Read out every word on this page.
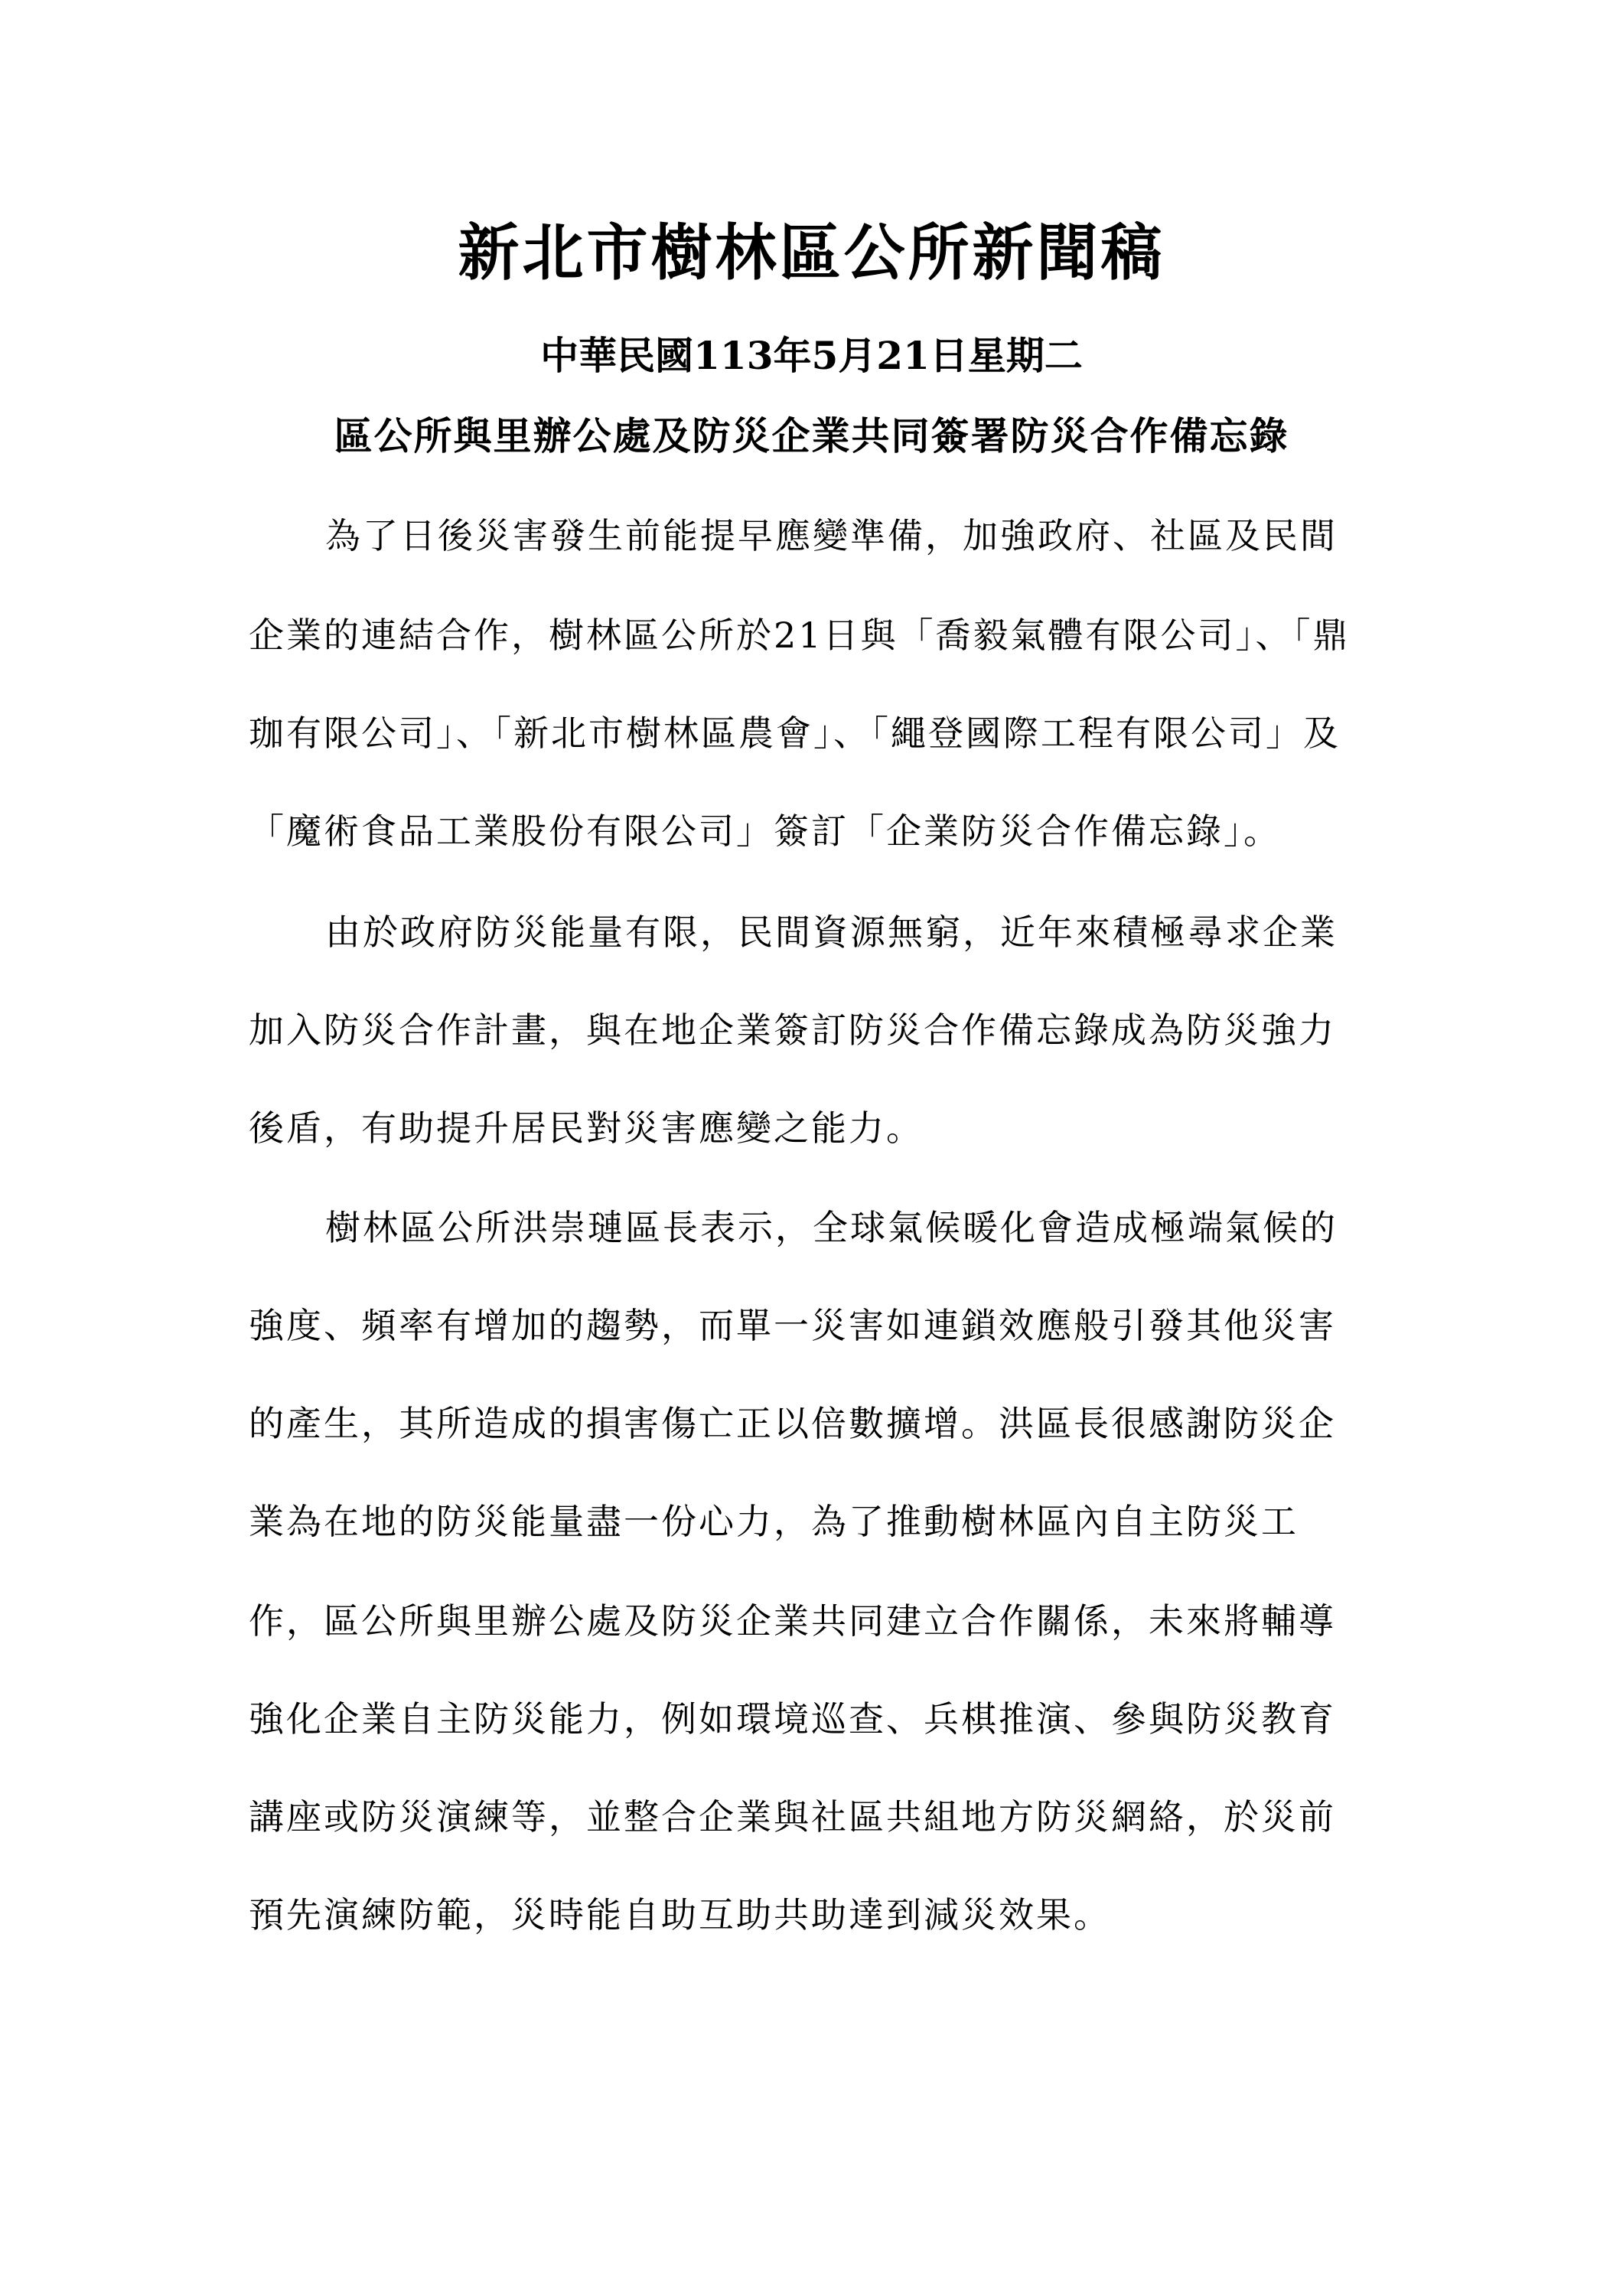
新北市樹林區公所新聞稿
中華民國113年5月21日星期二
區公所與里辦公處及防災企業共同簽署防災合作備忘錄
為了日後災害發生前能提早應變準備，加強政府、社區及民間
企業的連結合作，樹林區公所於21日與「喬毅氣體有限公司」、「鼎
珈有限公司」、「新北市樹林區農會」、「繩登國際工程有限公司」及
「魔術食品工業股份有限公司」簽訂「企業防災合作備忘錄」。
由於政府防災能量有限，民間資源無窮，近年來積極尋求企業
加入防災合作計畫，與在地企業簽訂防災合作備忘錄成為防災強力
後盾，有助提升居民對災害應變之能力。
樹林區公所洪崇璉區長表示，全球氣候暖化會造成極端氣候的
強度、頻率有增加的趨勢，而單一災害如連鎖效應般引發其他災害
的產生，其所造成的損害傷亡正以倍數擴增。洪區長很感謝防災企
業為在地的防災能量盡一份心力，為了推動樹林區內自主防災工
作，區公所與里辦公處及防災企業共同建立合作關係，未來將輔導
強化企業自主防災能力，例如環境巡查、兵棋推演、參與防災教育
講座或防災演練等，並整合企業與社區共組地方防災網絡，於災前
預先演練防範，災時能自助互助共助達到減災效果。
